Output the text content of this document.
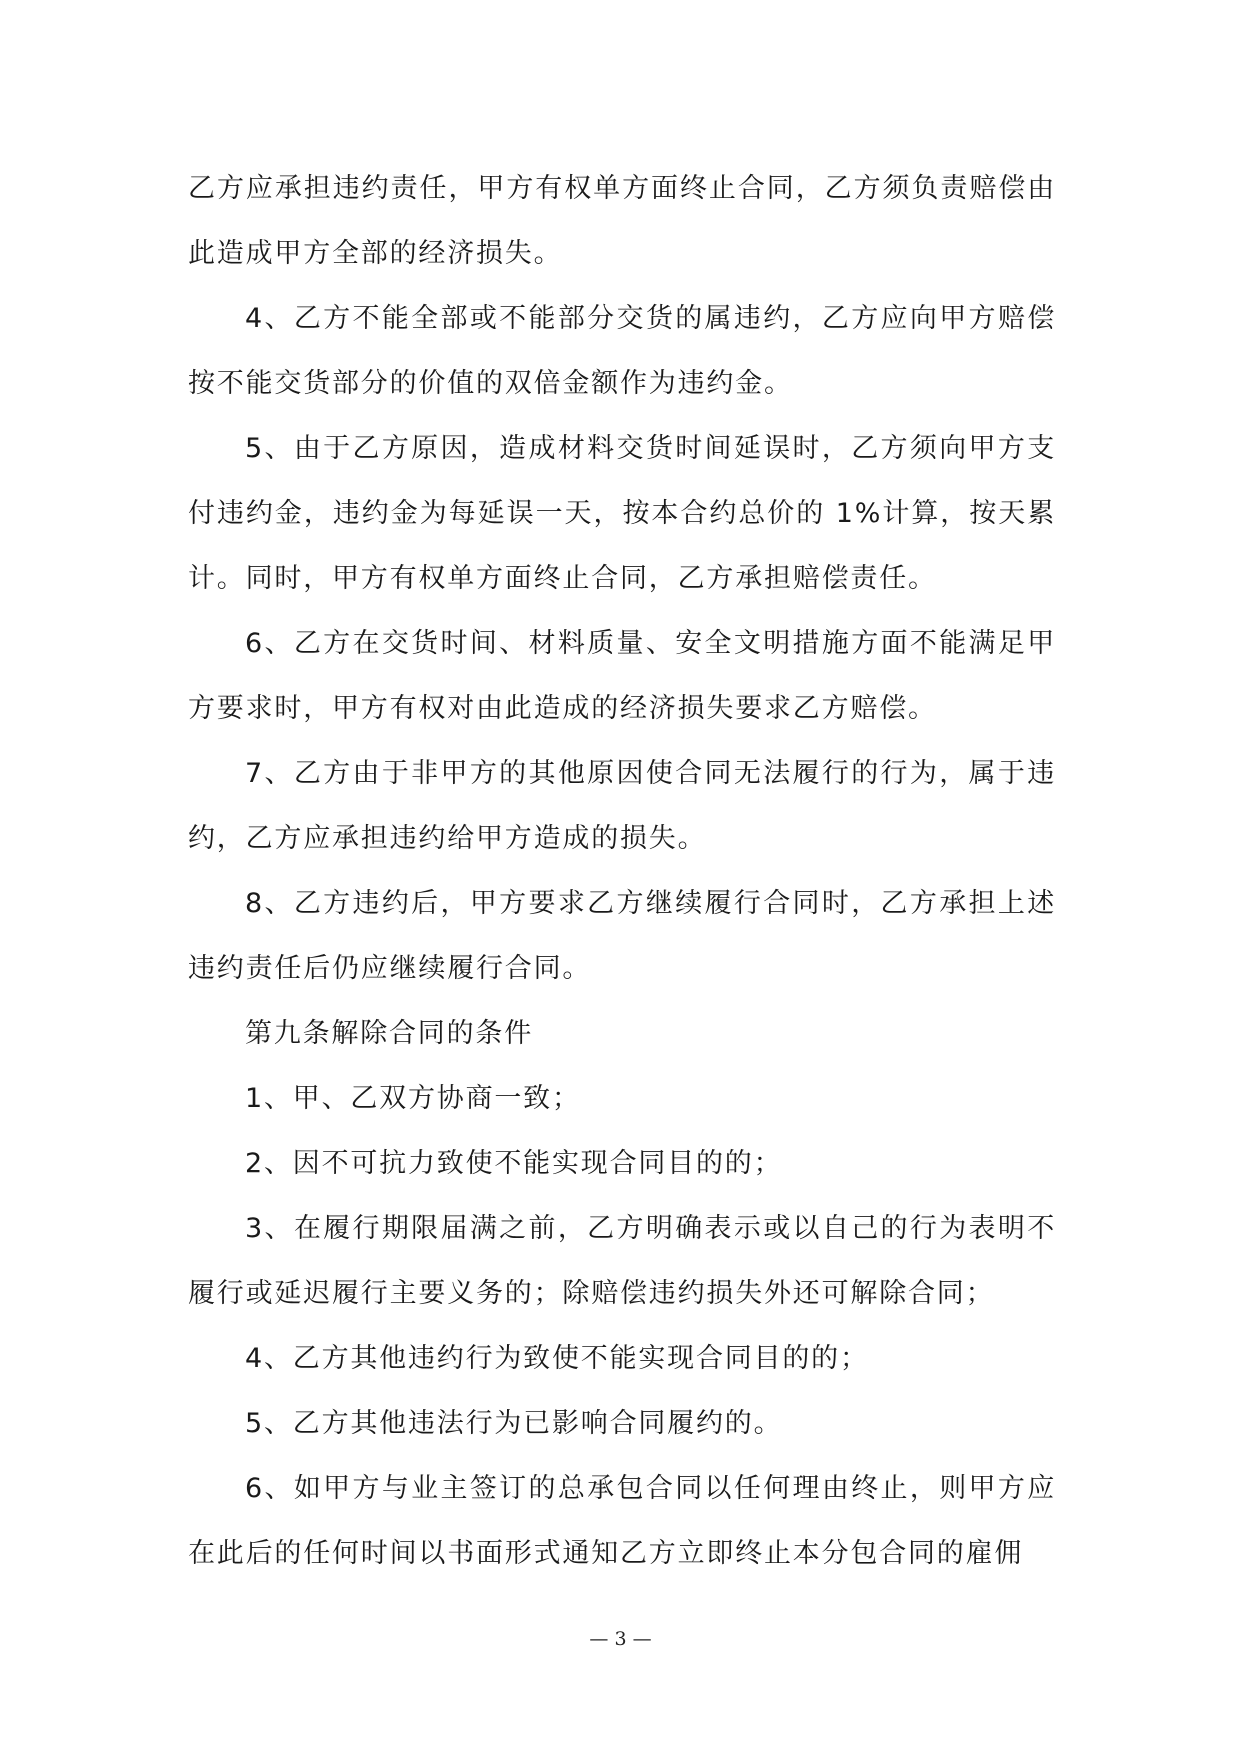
乙方应承担违约责任，甲方有权单方面终止合同，乙方须负责赔偿由此造成甲方全部的经济损失。

4、乙方不能全部或不能部分交货的属违约，乙方应向甲方赔偿按不能交货部分的价值的双倍金额作为违约金。

5、由于乙方原因，造成材料交货时间延误时，乙方须向甲方支付违约金，违约金为每延误一天，按本合约总价的 1%计算，按天累计。同时，甲方有权单方面终止合同，乙方承担赔偿责任。

6、乙方在交货时间、材料质量、安全文明措施方面不能满足甲方要求时，甲方有权对由此造成的经济损失要求乙方赔偿。

7、乙方由于非甲方的其他原因使合同无法履行的行为，属于违约，乙方应承担违约给甲方造成的损失。

8、乙方违约后，甲方要求乙方继续履行合同时，乙方承担上述违约责任后仍应继续履行合同。

第九条解除合同的条件

1、甲、乙双方协商一致；

2、因不可抗力致使不能实现合同目的的；

3、在履行期限届满之前，乙方明确表示或以自己的行为表明不履行或延迟履行主要义务的；除赔偿违约损失外还可解除合同；

4、乙方其他违约行为致使不能实现合同目的的；

5、乙方其他违法行为已影响合同履约的。

6、如甲方与业主签订的总承包合同以任何理由终止，则甲方应在此后的任何时间以书面形式通知乙方立即终止本分包合同的雇佣

— 3 —
